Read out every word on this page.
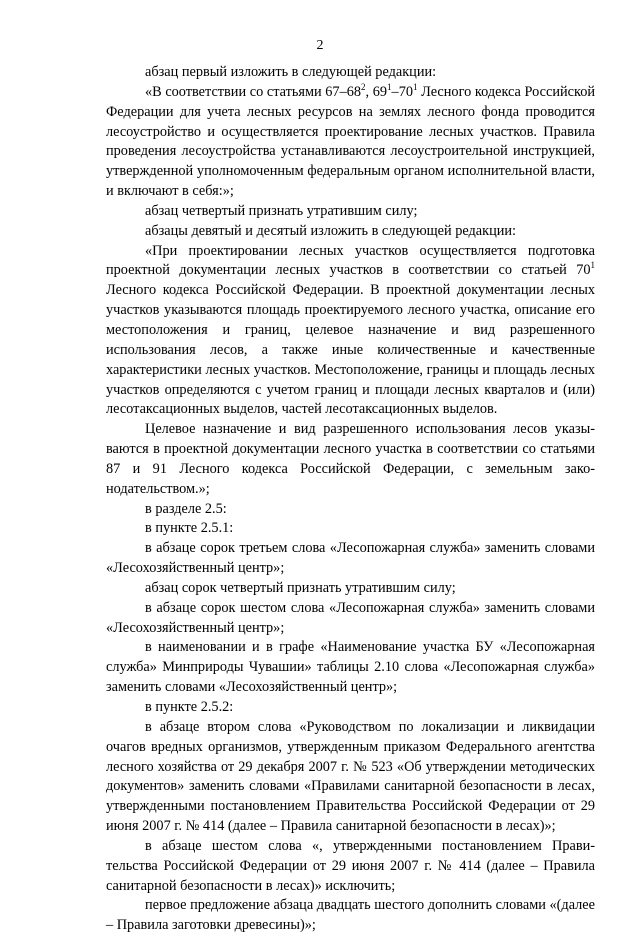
2

абзац первый изложить в следующей редакции:

«В соответствии со статьями $67-68^2$, $69^1-70^1$ Лесного кодекса Российской Федерации для учета лесных ресурсов на землях лесного фонда проводится лесоустройство и осуществляется проектирование лесных участков. Правила проведения лесоустройства устанавливаются лесоустроительной инструкцией, утвержденной уполномоченным федеральным органом исполнительной власти, и включают в себя:»;

абзац четвертый признать утратившим силу;

абзацы девятый и десятый изложить в следующей редакции:

«При проектировании лесных участков осуществляется подготовка проектной документации лесных участков в соответствии со статьей $70^1$ Лесного кодекса Российской Федерации. В проектной документации лесных участков указываются площадь проектируемого лесного участка, описание его местоположения и границ, целевое назначение и вид разрешенного использования лесов, а также иные количественные и качественные характеристики лесных участков. Местоположение, границы и площадь лесных участков определяются с учетом границ и площади лесных кварталов и (или) лесотаксационных выделов, частей лесотаксационных выделов.

Целевое назначение и вид разрешенного использования лесов указываются в проектной документации лесного участка в соответствии со статьями 87 и 91 Лесного кодекса Российской Федерации, с земельным законодательством.»;

в разделе 2.5:

в пункте 2.5.1:

в абзаце сорок третьем слова «Лесопожарная служба» заменить словами «Лесохозяйственный центр»;

абзац сорок четвертый признать утратившим силу;

в абзаце сорок шестом слова «Лесопожарная служба» заменить словами «Лесохозяйственный центр»;

в наименовании и в графе «Наименование участка БУ «Лесопожарная служба» Минприроды Чувашии» таблицы 2.10 слова «Лесопожарная служба» заменить словами «Лесохозяйственный центр»;

в пункте 2.5.2:

в абзаце втором слова «Руководством по локализации и ликвидации очагов вредных организмов, утвержденным приказом Федерального агентства лесного хозяйства от 29 декабря 2007 г. № 523 «Об утверждении методических документов» заменить словами «Правилами санитарной безопасности в лесах, утвержденными постановлением Правительства Российской Федерации от 29 июня 2007 г. № 414 (далее – Правила санитарной безопасности в лесах)»;

в абзаце шестом слова «, утвержденными постановлением Правительства Российской Федерации от 29 июня 2007 г. № 414 (далее – Правила санитарной безопасности в лесах)» исключить;

первое предложение абзаца двадцать шестого дополнить словами «(далее – Правила заготовки древесины)»;
